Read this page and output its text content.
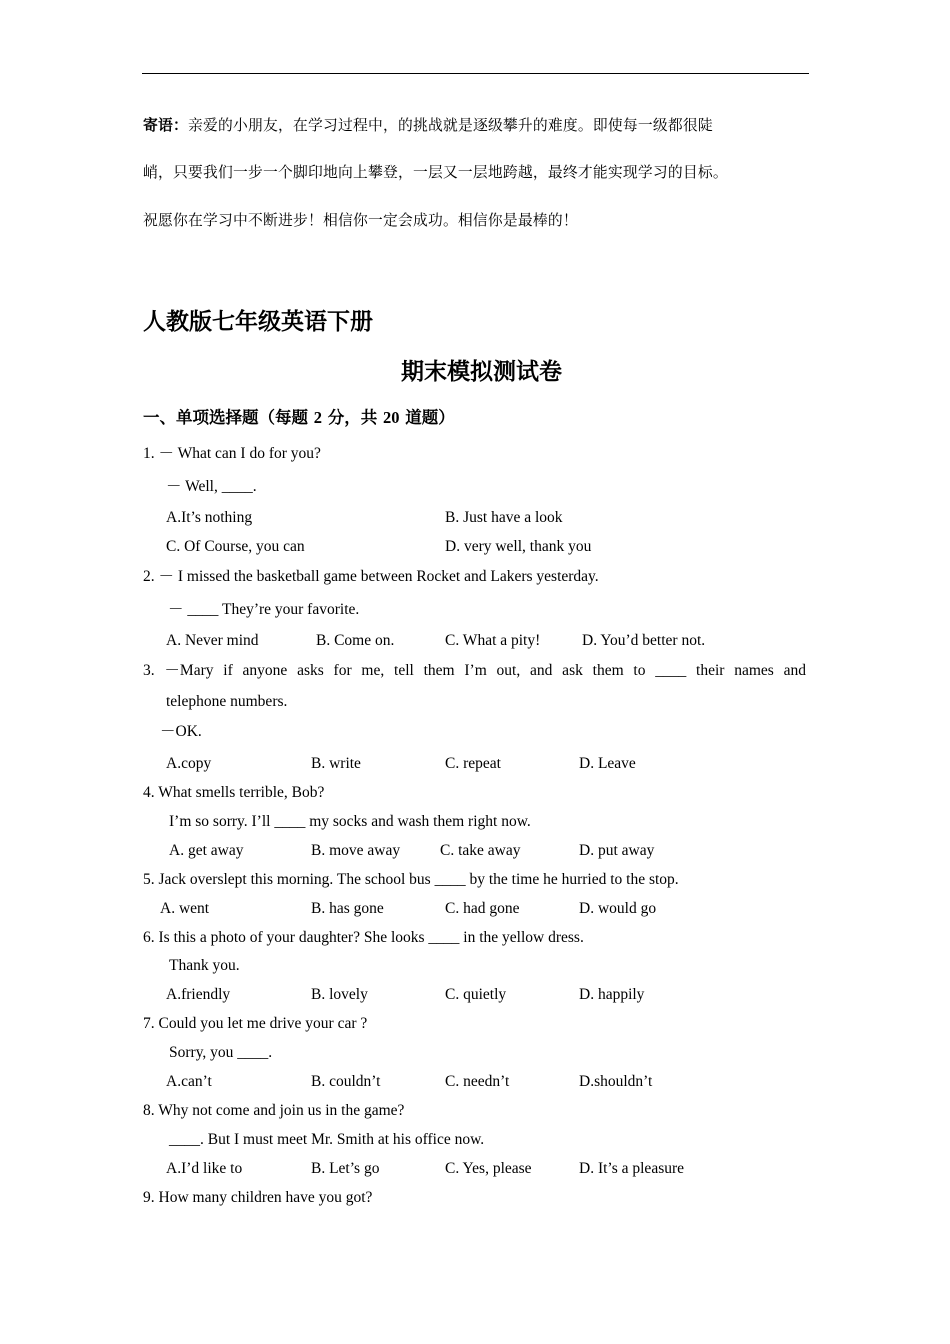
寄语：亲爱的小朋友，在学习过程中，的挑战就是逐级攀升的难度。即使每一级都很陡
峭，只要我们一步一个脚印地向上攀登，一层又一层地跨越，最终才能实现学习的目标。
祝愿你在学习中不断进步！相信你一定会成功。相信你是最棒的！
人教版七年级英语下册
期末模拟测试卷
一、单项选择题（每题 2 分，共 20 道题）
1. － What can I do for you?
－ Well, ____.
A.It’s nothing	B. Just have a look
C. Of Course, you can	D. very well, thank you
2. － I missed the basketball game between Rocket and Lakers yesterday.
－ ____ They’re your favorite.
A. Never mind	B. Come on.	C. What a pity!	D. You’d better not.
3. －Mary if anyone asks for me, tell them I’m out, and ask them to ____ their names and
telephone numbers.
－OK.
A.copy	B. write	C. repeat	D. Leave
4. What smells terrible, Bob?
I’m so sorry. I’ll ____ my socks and wash them right now.
A. get away	B. move away	C. take away	D. put away
5. Jack overslept this morning. The school bus ____ by the time he hurried to the stop.
A. went	B. has gone	C. had gone	D. would go
6. Is this a photo of your daughter? She looks ____ in the yellow dress.
Thank you.
A.friendly	B. lovely	C. quietly	D. happily
7. Could you let me drive your car ?
Sorry, you ____.
A.can’t	B. couldn’t	C. needn’t	D.shouldn’t
8. Why not come and join us in the game?
____. But I must meet Mr. Smith at his office now.
A.I’d like to	B. Let’s go	C. Yes, please	D. It’s a pleasure
9. How many children have you got?
